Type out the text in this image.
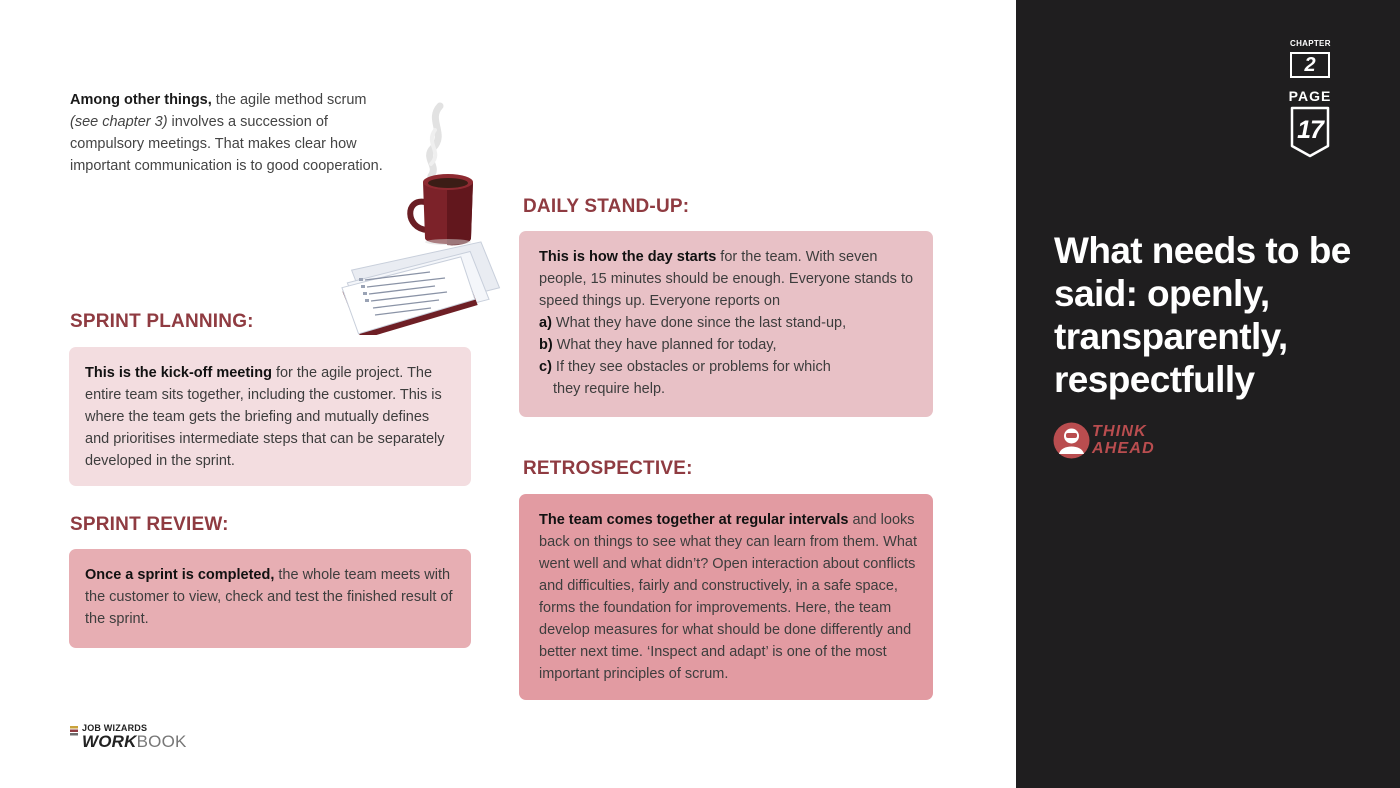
Among other things, the agile method scrum
(see chapter 3) involves a succession of compulsory meetings. That makes clear how important communication is to good cooperation.

SPRINT PLANNING:
This is the kick-off meeting for the agile project. The entire team sits together, including the customer. This is where the team gets the briefing and mutually defines and prioritises intermediate steps that can be separately developed in the sprint.
SPRINT REVIEW:
Once a sprint is completed, the whole team meets with the customer to view, check and test the finished result of the sprint.
DAILY STAND-UP:
This is how the day starts for the team. With seven people, 15 minutes should be enough. Everyone stands to speed things up. Everyone reports on
a) What they have done since the last stand-up,
b) What they have planned for today,
c) If they see obstacles or problems for which they require help.
RETROSPECTIVE:
The team comes together at regular intervals and looks back on things to see what they can learn from them. What went well and what didn’t? Open interaction about conflicts and difficulties, fairly and constructively, in a safe space, forms the foundation for improvements. Here, the team develop measures for what should be done differently and better next time. ‘Inspect and adapt’ is one of the most important principles of scrum.
JOB WIZARDS
WORKBOOK
CHAPTER
2
PAGE
17
What needs to be said: openly, transparently, respectfully
THINK
AHEAD
